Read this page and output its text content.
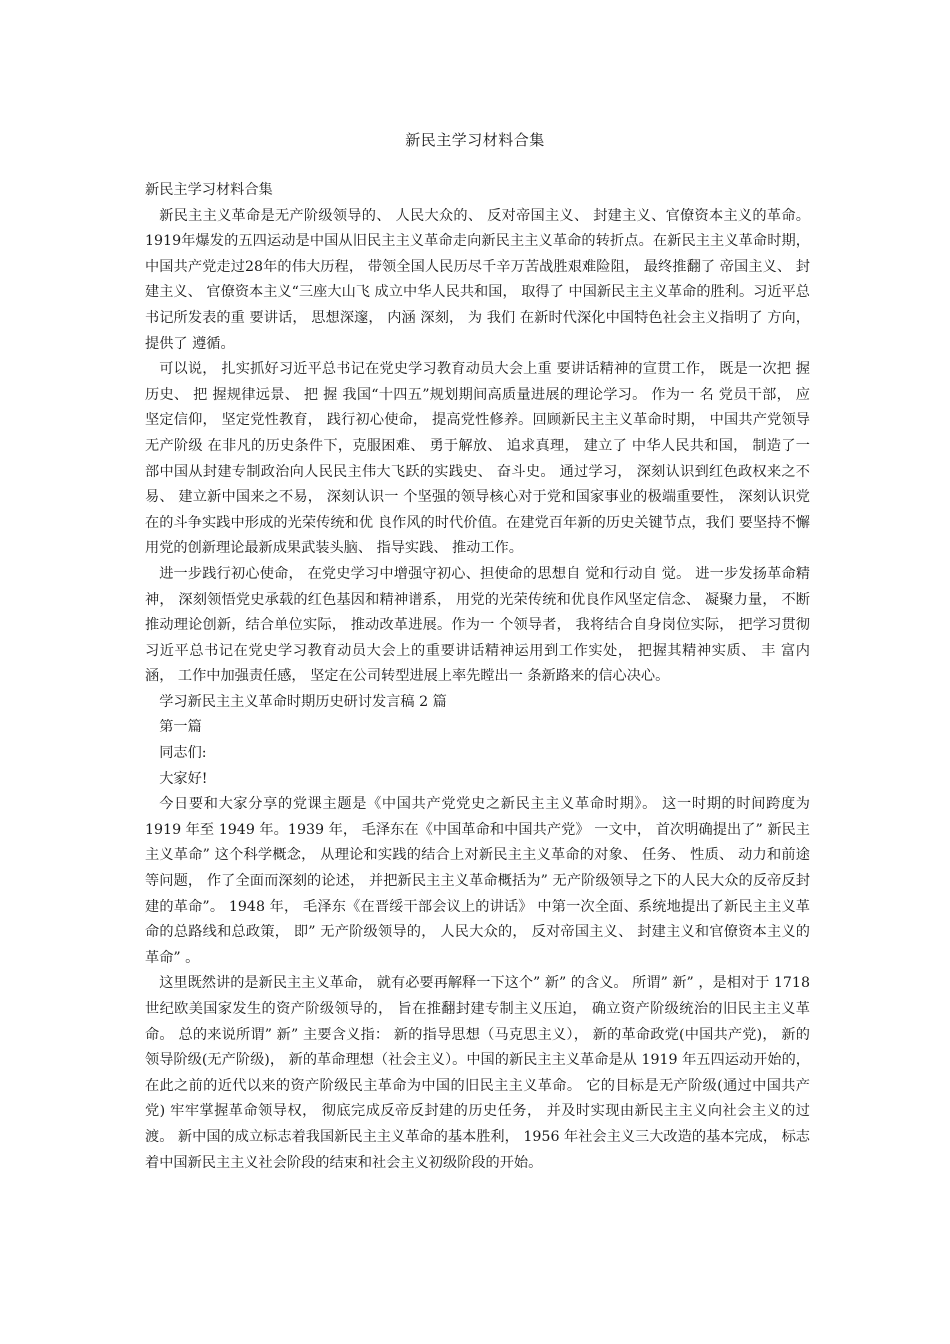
新民主学习材料合集

新民主学习材料合集

新民主主义革命是无产阶级领导的、 人民大众的、 反对帝国主义、 封建主义、官僚资本主义的革命。 1919年爆发的五四运动是中国从旧民主主义革命走向新民主主义革命的转折点。在新民主主义革命时期， 中国共产党走过28年的伟大历程， 带领全国人民历尽千辛万苦战胜艰难险阻， 最终推翻了 帝国主义、 封建主义、 官僚资本主义“三座大山飞 成立中华人民共和国， 取得了 中国新民主主义革命的胜利。习近平总书记所发表的重 要讲话， 思想深邃， 内涵 深刻， 为 我们 在新时代深化中国特色社会主义指明了 方向， 提供了 遵循。

可以说， 扎实抓好习近平总书记在党史学习教育动员大会上重 要讲话精神的宣贯工作， 既是一次把 握历史、 把 握规律远景、 把 握 我国“十四五”规划期间高质量进展的理论学习。 作为一 名 党员干部， 应坚定信仰， 坚定党性教育， 践行初心使命， 提高党性修养。回顾新民主主义革命时期， 中国共产党领导无产阶级 在非凡的历史条件下，克服困难、 勇于解放、 追求真理， 建立了 中华人民共和国， 制造了一 部中国从封建专制政治向人民民主伟大飞跃的实践史、 奋斗史。 通过学习， 深刻认识到红色政权来之不易、 建立新中国来之不易， 深刻认识一 个坚强的领导核心对于党和国家事业的极端重要性， 深刻认识党 在的斗争实践中形成的光荣传统和优 良作风的时代价值。在建党百年新的历史关键节点，我们 要坚持不懈用党的创新理论最新成果武装头脑、 指导实践、 推动工作。

进一步践行初心使命， 在党史学习中增强守初心、担使命的思想自 觉和行动自 觉。 进一步发扬革命精神， 深刻领悟党史承载的红色基因和精神谱系， 用党的光荣传统和优良作风坚定信念、 凝聚力量， 不断推动理论创新，结合单位实际， 推动改革进展。作为一 个领导者， 我将结合自身岗位实际， 把学习贯彻习近平总书记在党史学习教育动员大会上的重要讲话精神运用到工作实处， 把握其精神实质、 丰 富内涵， 工作中加强责任感， 坚定在公司转型进展上率先瞠出一 条新路来的信心决心。

学习新民主主义革命时期历史研讨发言稿 2 篇

第一篇

同志们:

大家好!

今日要和大家分享的党课主题是《中国共产党党史之新民主主义革命时期》。 这一时期的时间跨度为 1919 年至 1949 年。1939 年， 毛泽东在《中国革命和中国共产党》 一文中， 首次明确提出了” 新民主主义革命” 这个科学概念， 从理论和实践的结合上对新民主主义革命的对象、 任务、 性质、 动力和前途等问题， 作了全面而深刻的论述， 并把新民主主义革命概括为” 无产阶级领导之下的人民大众的反帝反封建的革命”。 1948 年， 毛泽东《在晋绥干部会议上的讲话》 中第一次全面、系统地提出了新民主主义革命的总路线和总政策， 即” 无产阶级领导的， 人民大众的， 反对帝国主义、 封建主义和官僚资本主义的革命” 。

这里既然讲的是新民主主义革命， 就有必要再解释一下这个” 新” 的含义。 所谓” 新” ，是相对于 1718 世纪欧美国家发生的资产阶级领导的， 旨在推翻封建专制主义压迫， 确立资产阶级统治的旧民主主义革命。 总的来说所谓” 新” 主要含义指： 新的指导思想（马克思主义）， 新的革命政党(中国共产党)， 新的领导阶级(无产阶级)， 新的革命理想（社会主义）。中国的新民主主义革命是从 1919 年五四运动开始的， 在此之前的近代以来的资产阶级民主革命为中国的旧民主主义革命。 它的目标是无产阶级(通过中国共产党) 牢牢掌握革命领导权， 彻底完成反帝反封建的历史任务， 并及时实现由新民主主义向社会主义的过渡。 新中国的成立标志着我国新民主主义革命的基本胜利， 1956 年社会主义三大改造的基本完成， 标志着中国新民主主义社会阶段的结束和社会主义初级阶段的开始。
